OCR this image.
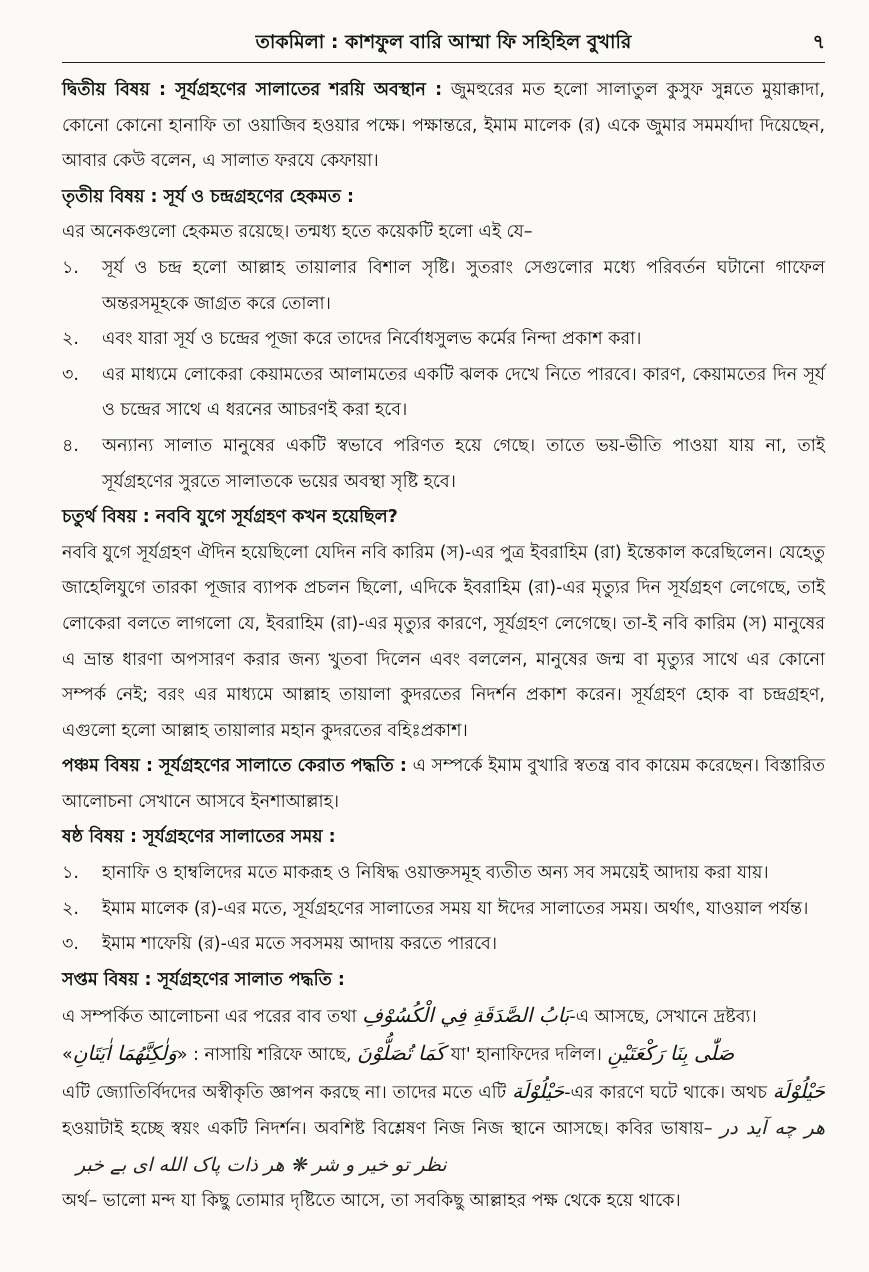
তাকমিলা : কাশফুল বারি আম্মা ফি সহিহিল বুখারি	৭

দ্বিতীয় বিষয় : সূর্যগ্রহণের সালাতের শরয়ি অবস্থান : জুমহুরের মত হলো সালাতুল কুসুফ সুন্নতে মুয়াক্কাদা, কোনো কোনো হানাফি তা ওয়াজিব হওয়ার পক্ষে। পক্ষান্তরে, ইমাম মালেক (র) একে জুমার সমমর্যাদা দিয়েছেন, আবার কেউ বলেন, এ সালাত ফরযে কেফায়া।

তৃতীয় বিষয় : সূর্য ও চন্দ্রগ্রহণের হেকমত :

এর অনেকগুলো হেকমত রয়েছে। তন্মধ্য হতে কয়েকটি হলো এই যে–

১.	সূর্য ও চন্দ্র হলো আল্লাহ তায়ালার বিশাল সৃষ্টি। সুতরাং সেগুলোর মধ্যে পরিবর্তন ঘটানো গাফেল অন্তরসমূহকে জাগ্রত করে তোলা।
২.	এবং যারা সূর্য ও চন্দ্রের পূজা করে তাদের নির্বোধসুলভ কর্মের নিন্দা প্রকাশ করা।
৩.	এর মাধ্যমে লোকেরা কেয়ামতের আলামতের একটি ঝলক দেখে নিতে পারবে। কারণ, কেয়ামতের দিন সূর্য ও চন্দ্রের সাথে এ ধরনের আচরণই করা হবে।
৪.	অন্যান্য সালাত মানুষের একটি স্বভাবে পরিণত হয়ে গেছে। তাতে ভয়-ভীতি পাওয়া যায় না, তাই সূর্যগ্রহণের সুরতে সালাতকে ভয়ের অবস্থা সৃষ্টি হবে।

চতুর্থ বিষয় : নববি যুগে সূর্যগ্রহণ কখন হয়েছিল?

নববি যুগে সূর্যগ্রহণ ঐদিন হয়েছিলো যেদিন নবি কারিম (স)-এর পুত্র ইবরাহিম (রা) ইন্তেকাল করেছিলেন। যেহেতু জাহেলিযুগে তারকা পূজার ব্যাপক প্রচলন ছিলো, এদিকে ইবরাহিম (রা)-এর মৃত্যুর দিন সূর্যগ্রহণ লেগেছে, তাই লোকেরা বলতে লাগলো যে, ইবরাহিম (রা)-এর মৃত্যুর কারণে, সূর্যগ্রহণ লেগেছে। তা-ই নবি কারিম (স) মানুষের এ ভ্রান্ত ধারণা অপসারণ করার জন্য খুতবা দিলেন এবং বললেন, মানুষের জন্ম বা মৃত্যুর সাথে এর কোনো সম্পর্ক নেই; বরং এর মাধ্যমে আল্লাহ তায়ালা কুদরতের নিদর্শন প্রকাশ করেন। সূর্যগ্রহণ হোক বা চন্দ্রগ্রহণ, এগুলো হলো আল্লাহ তায়ালার মহান কুদরতের বহিঃপ্রকাশ।

পঞ্চম বিষয় : সূর্যগ্রহণের সালাতে কেরাত পদ্ধতি : এ সম্পর্কে ইমাম বুখারি স্বতন্ত্র বাব কায়েম করেছেন। বিস্তারিত আলোচনা সেখানে আসবে ইনশাআল্লাহ।

ষষ্ঠ বিষয় : সূর্যগ্রহণের সালাতের সময় :

১.	হানাফি ও হাম্বলিদের মতে মাকরূহ ও নিষিদ্ধ ওয়াক্তসমূহ ব্যতীত অন্য সব সময়েই আদায় করা যায়।
২.	ইমাম মালেক (র)-এর মতে, সূর্যগ্রহণের সালাতের সময় যা ঈদের সালাতের সময়। অর্থাৎ, যাওয়াল পর্যন্ত।
৩.	ইমাম শাফেয়ি (র)-এর মতে সবসময় আদায় করতে পারবে।

সপ্তম বিষয় : সূর্যগ্রহণের সালাত পদ্ধতি :

এ সম্পর্কিত আলোচনা এর পরের বাব তথা بَابُ الصَّدَقَةِ فِي الْكُسُوْفِ-এ আসছে, সেখানে দ্রষ্টব্য।

«وَلٰكِنَّهُمَا اٰيَتَانِ» : নাসায়ি শরিফে আছে, كَمَا تُصَلُّوْنَ যা' হানাফিদের দলিল। صَلّٰى بِنَا رَكْعَتَيْنِ

এটি জ্যোতির্বিদদের অস্বীকৃতি জ্ঞাপন করছে না। তাদের মতে এটি حَيْلُوْلَة-এর কারণে ঘটে থাকে। অথচ حَيْلُوْلَة হওয়াটাই হচ্ছে স্বয়ং একটি নিদর্শন। অবশিষ্ট বিশ্লেষণ নিজ নিজ স্থানে আসছে। কবির ভাষায়– هر چه آيد در نظر تو خير و شر ❋ هر ذات پاک الله اى بے خبر

অর্থ– ভালো মন্দ যা কিছু তোমার দৃষ্টিতে আসে, তা সবকিছু আল্লাহর পক্ষ থেকে হয়ে থাকে।
